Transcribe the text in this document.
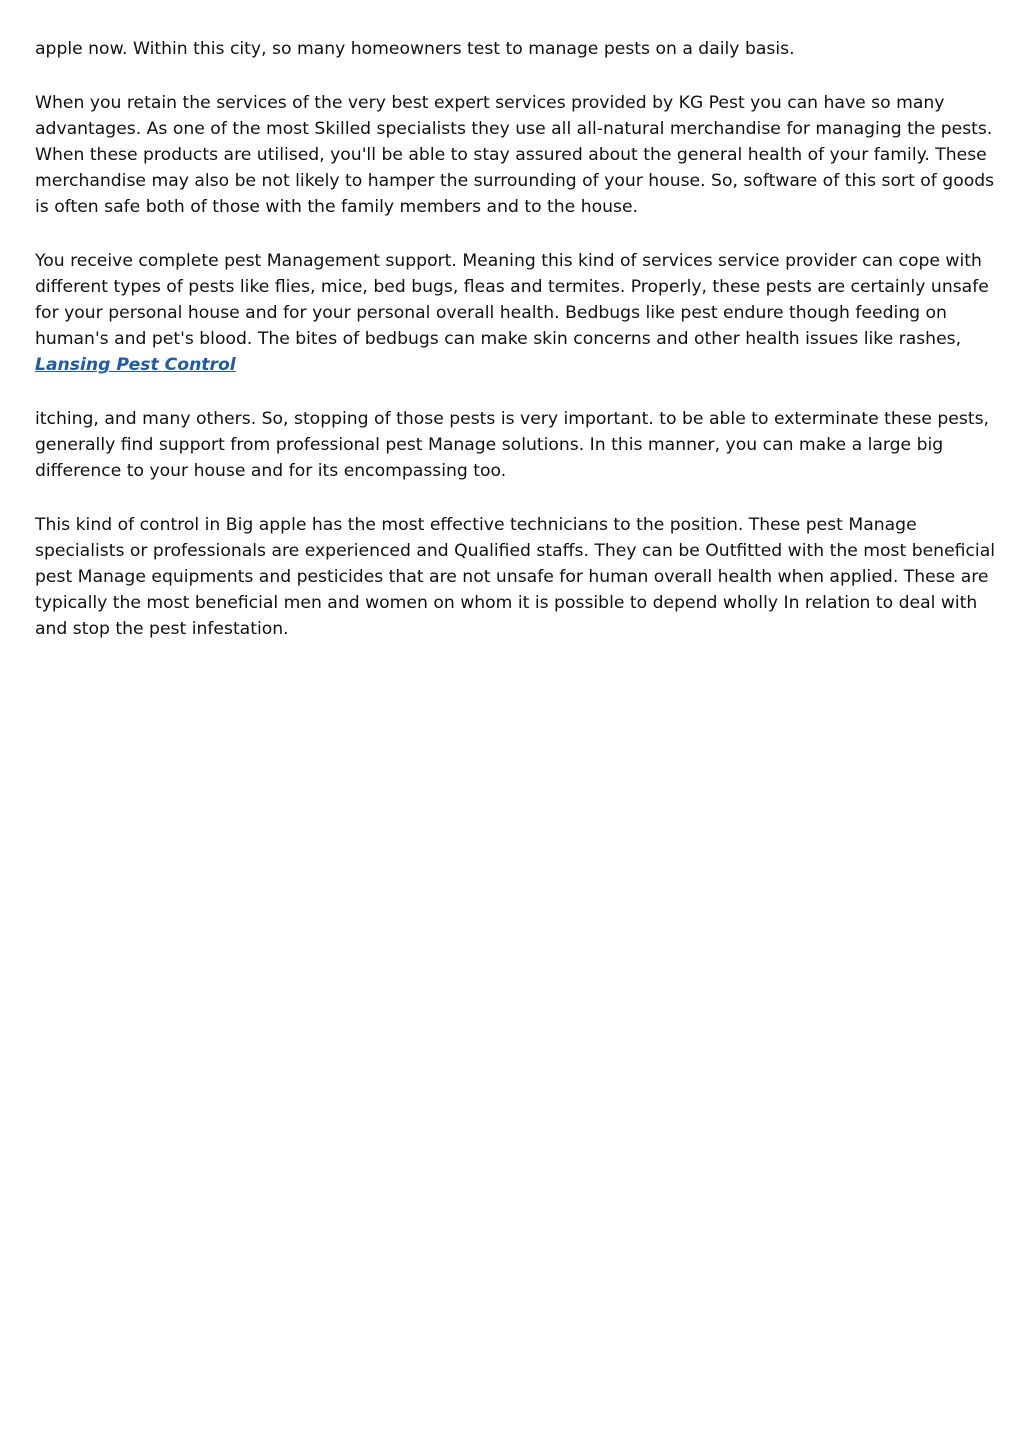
apple now. Within this city, so many homeowners test to manage pests on a daily basis.

When you retain the services of the very best expert services provided by KG Pest you can have so many advantages. As one of the most Skilled specialists they use all all-natural merchandise for managing the pests. When these products are utilised, you'll be able to stay assured about the general health of your family. These merchandise may also be not likely to hamper the surrounding of your house. So, software of this sort of goods is often safe both of those with the family members and to the house.

You receive complete pest Management support. Meaning this kind of services service provider can cope with different types of pests like flies, mice, bed bugs, fleas and termites. Properly, these pests are certainly unsafe for your personal house and for your personal overall health. Bedbugs like pest endure though feeding on human's and pet's blood. The bites of bedbugs can make skin concerns and other health issues like rashes, Lansing Pest Control

itching, and many others. So, stopping of those pests is very important. to be able to exterminate these pests, generally find support from professional pest Manage solutions. In this manner, you can make a large big difference to your house and for its encompassing too.

This kind of control in Big apple has the most effective technicians to the position. These pest Manage specialists or professionals are experienced and Qualified staffs. They can be Outfitted with the most beneficial pest Manage equipments and pesticides that are not unsafe for human overall health when applied. These are typically the most beneficial men and women on whom it is possible to depend wholly In relation to deal with and stop the pest infestation.
